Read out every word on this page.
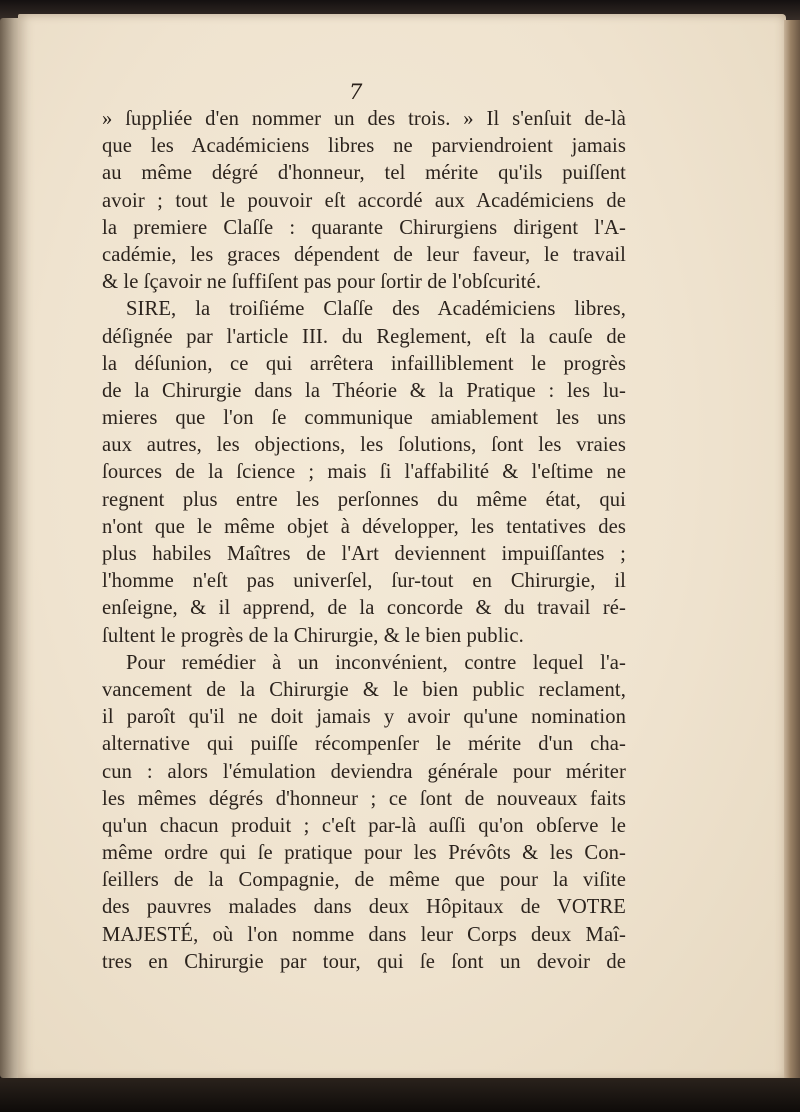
7
» ſuppliée d'en nommer un des trois. » Il s'enſuit de-là
que les Académiciens libres ne parviendroient jamais
au même dégré d'honneur, tel mérite qu'ils puiſſent
avoir ; tout le pouvoir eſt accordé aux Académiciens de
la premiere Claſſe : quarante Chirurgiens dirigent l'A-
cadémie, les graces dépendent de leur faveur, le travail
& le ſçavoir ne ſuffiſent pas pour ſortir de l'obſcurité.
SIRE, la troiſiéme Claſſe des Académiciens libres,
déſignée par l'article III. du Reglement, eſt la cauſe de
la déſunion, ce qui arrêtera infailliblement le progrès
de la Chirurgie dans la Théorie & la Pratique : les lu-
mieres que l'on ſe communique amiablement les uns
aux autres, les objections, les ſolutions, ſont les vraies
ſources de la ſcience ; mais ſi l'affabilité & l'eſtime ne
regnent plus entre les perſonnes du même état, qui
n'ont que le même objet à développer, les tentatives des
plus habiles Maîtres de l'Art deviennent impuiſſantes ;
l'homme n'eſt pas univerſel, ſur-tout en Chirurgie, il
enſeigne, & il apprend, de la concorde & du travail ré-
ſultent le progrès de la Chirurgie, & le bien public.
Pour remédier à un inconvénient, contre lequel l'a-
vancement de la Chirurgie & le bien public reclament,
il paroît qu'il ne doit jamais y avoir qu'une nomination
alternative qui puiſſe récompenſer le mérite d'un cha-
cun : alors l'émulation deviendra générale pour mériter
les mêmes dégrés d'honneur ; ce ſont de nouveaux faits
qu'un chacun produit ; c'eſt par-là auſſi qu'on obſerve le
même ordre qui ſe pratique pour les Prévôts & les Con-
ſeillers de la Compagnie, de même que pour la viſite
des pauvres malades dans deux Hôpitaux de VOTRE
MAJESTÉ, où l'on nomme dans leur Corps deux Maî-
tres en Chirurgie par tour, qui ſe ſont un devoir de
